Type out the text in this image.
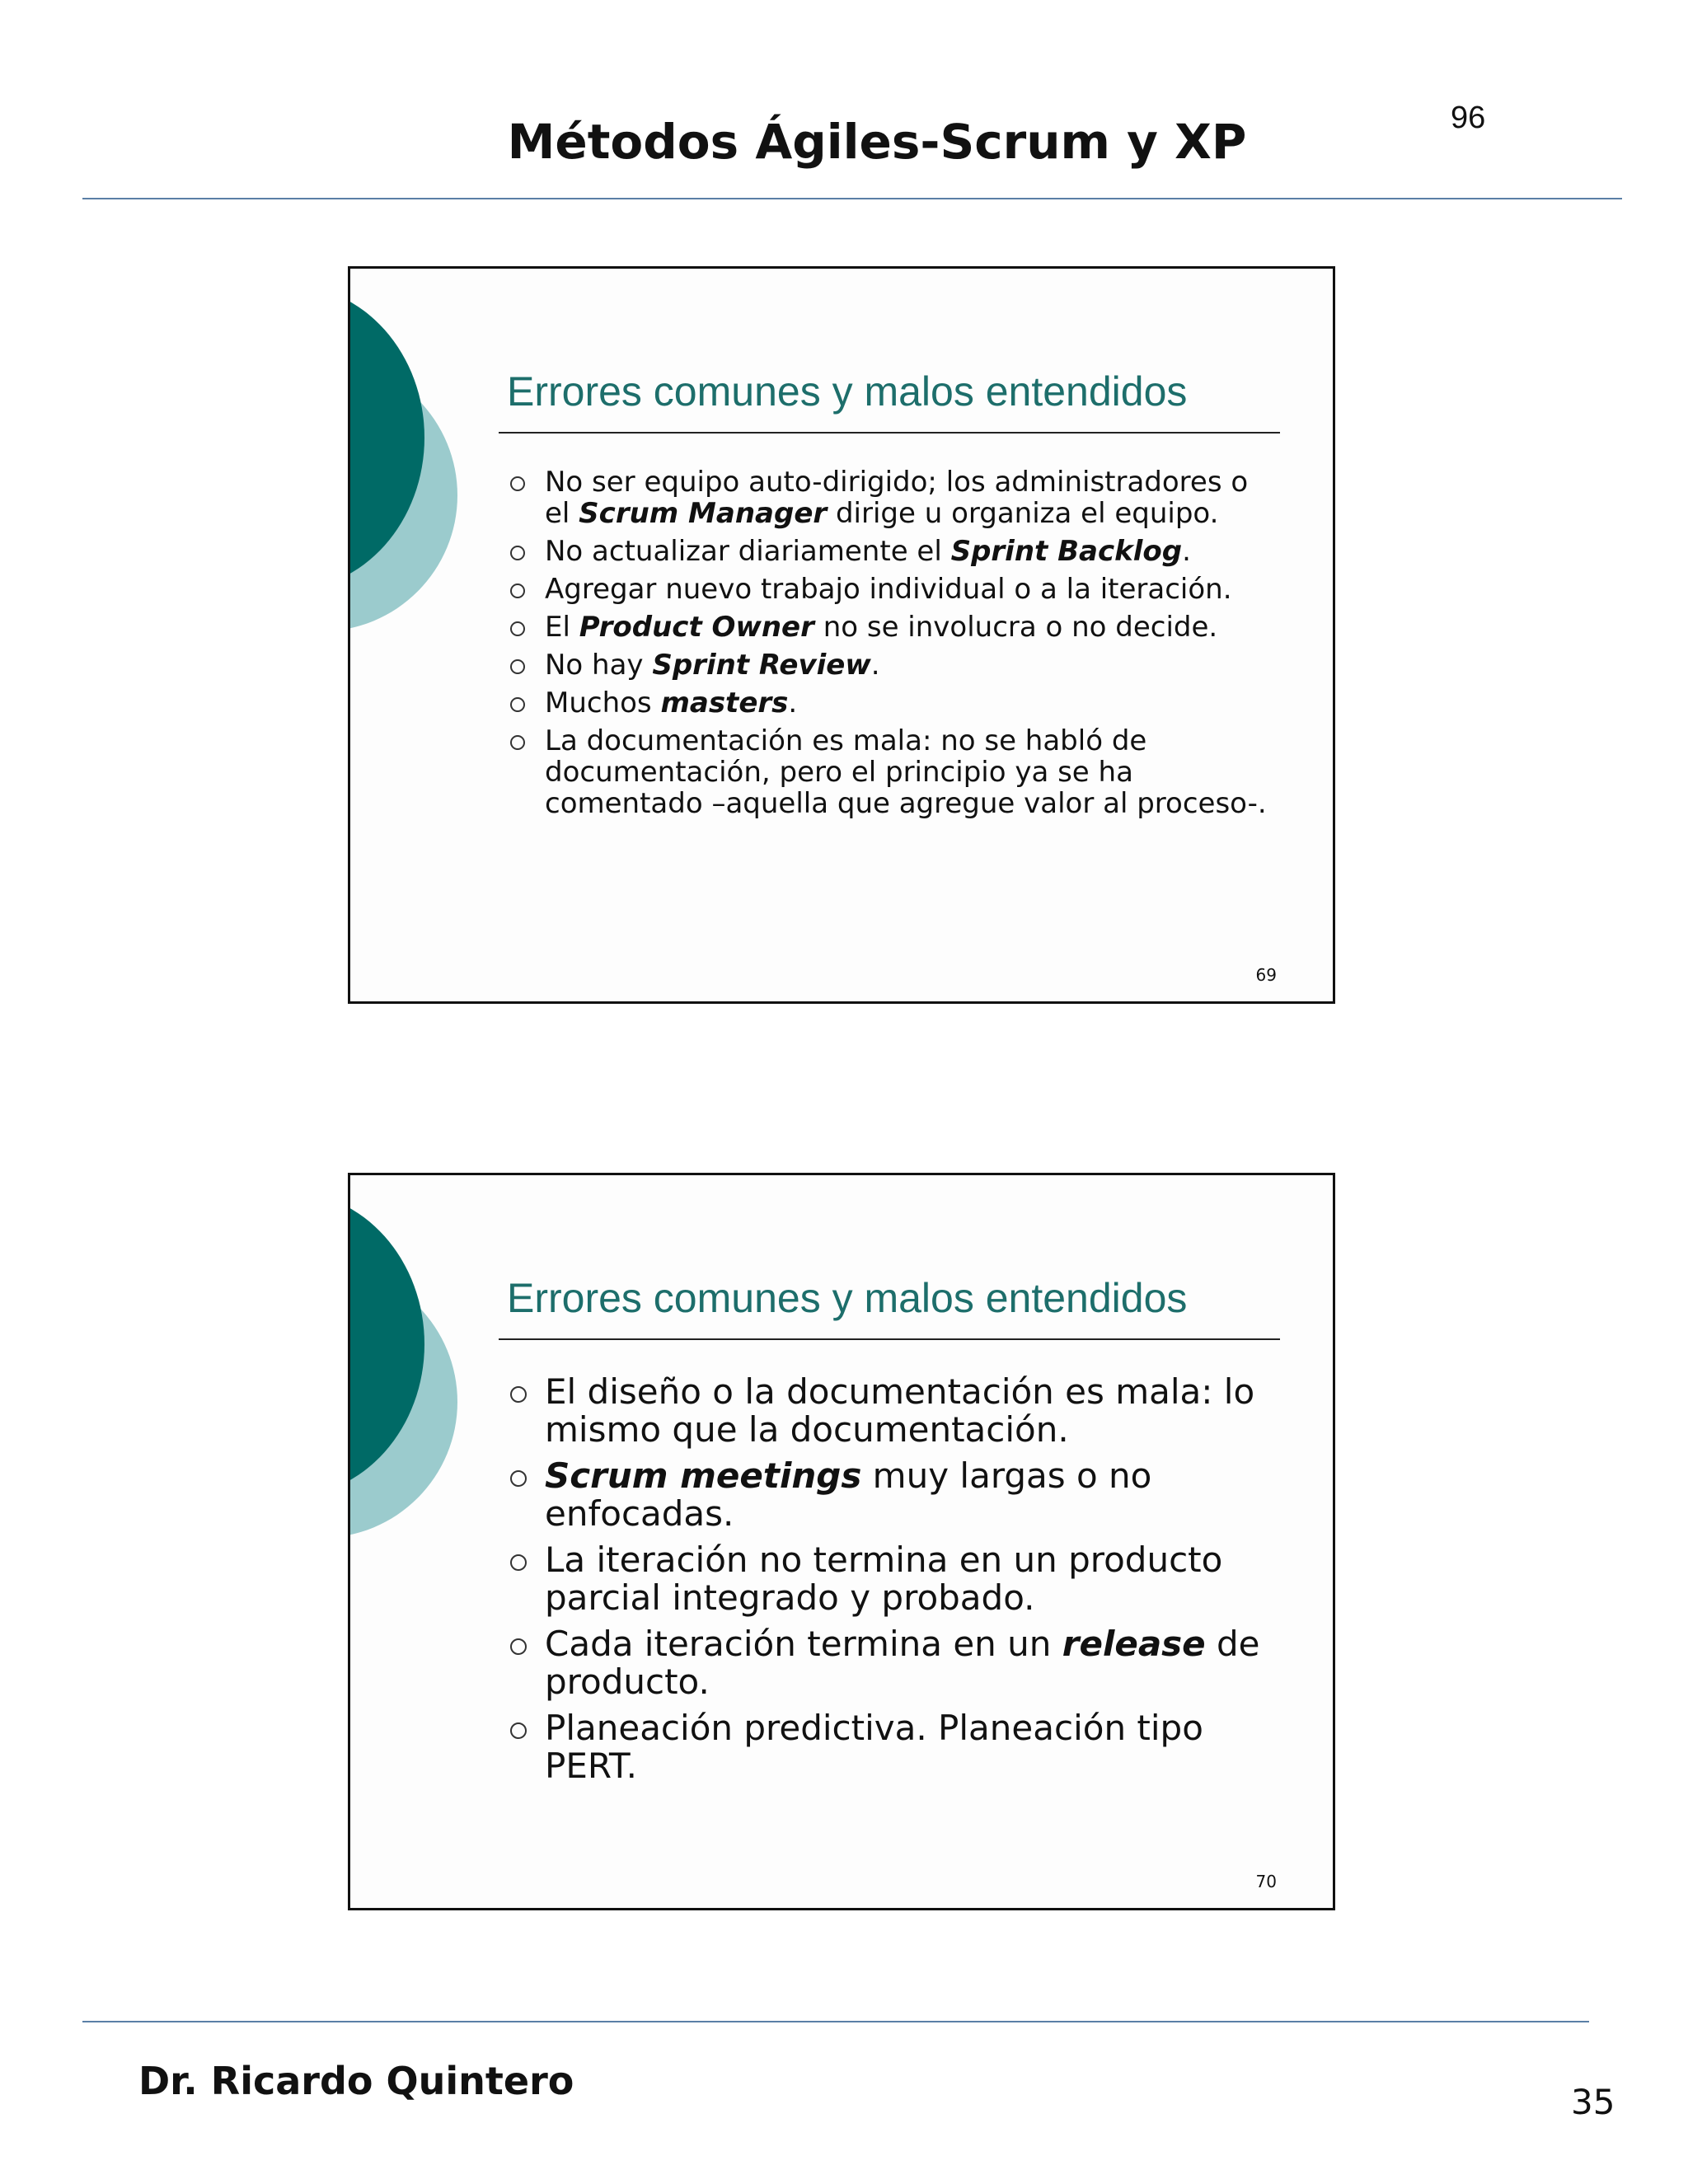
Métodos Ágiles-Scrum y XP	96
Errores comunes y malos entendidos
No ser equipo auto-dirigido; los administradores o el Scrum Manager dirige u organiza el equipo.
No actualizar diariamente el Sprint Backlog.
Agregar nuevo trabajo individual o a la iteración.
El Product Owner no se involucra o no decide.
No hay Sprint Review.
Muchos masters.
La documentación es mala: no se habló de documentación, pero el principio ya se ha comentado –aquella que agregue valor al proceso-.
69
Errores comunes y malos entendidos
El diseño o la documentación es mala: lo mismo que la documentación.
Scrum meetings muy largas o no enfocadas.
La iteración no termina en un producto parcial integrado y probado.
Cada iteración termina en un release de producto.
Planeación predictiva. Planeación tipo PERT.
70
Dr. Ricardo Quintero	35
